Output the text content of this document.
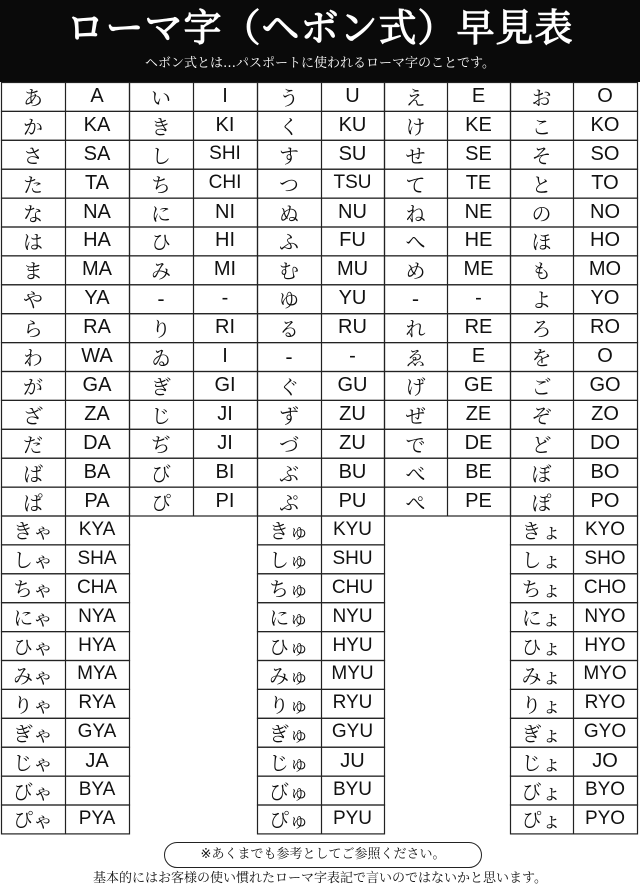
ローマ字（ヘボン式）早見表
ヘボン式とは…パスポートに使われるローマ字のことです。
あ	A	い	I	う	U	え	E	お	O
か	KA	き	KI	く	KU	け	KE	こ	KO
さ	SA	し	SHI	す	SU	せ	SE	そ	SO
た	TA	ち	CHI	つ	TSU	て	TE	と	TO
な	NA	に	NI	ぬ	NU	ね	NE	の	NO
は	HA	ひ	HI	ふ	FU	へ	HE	ほ	HO
ま	MA	み	MI	む	MU	め	ME	も	MO
や	YA	-	-	ゆ	YU	-	-	よ	YO
ら	RA	り	RI	る	RU	れ	RE	ろ	RO
わ	WA	ゐ	I	-	-	ゑ	E	を	O
が	GA	ぎ	GI	ぐ	GU	げ	GE	ご	GO
ざ	ZA	じ	JI	ず	ZU	ぜ	ZE	ぞ	ZO
だ	DA	ぢ	JI	づ	ZU	で	DE	ど	DO
ば	BA	び	BI	ぶ	BU	べ	BE	ぼ	BO
ぱ	PA	ぴ	PI	ぷ	PU	ぺ	PE	ぽ	PO
きゃ	KYA	きゅ	KYU	きょ	KYO
しゃ	SHA	しゅ	SHU	しょ	SHO
ちゃ	CHA	ちゅ	CHU	ちょ	CHO
にゃ	NYA	にゅ	NYU	にょ	NYO
ひゃ	HYA	ひゅ	HYU	ひょ	HYO
みゃ	MYA	みゅ	MYU	みょ	MYO
りゃ	RYA	りゅ	RYU	りょ	RYO
ぎゃ	GYA	ぎゅ	GYU	ぎょ	GYO
じゃ	JA	じゅ	JU	じょ	JO
びゃ	BYA	びゅ	BYU	びょ	BYO
ぴゃ	PYA	ぴゅ	PYU	ぴょ	PYO
※あくまでも参考としてご参照ください。
基本的にはお客様の使い慣れたローマ字表記で言いのではないかと思います。
